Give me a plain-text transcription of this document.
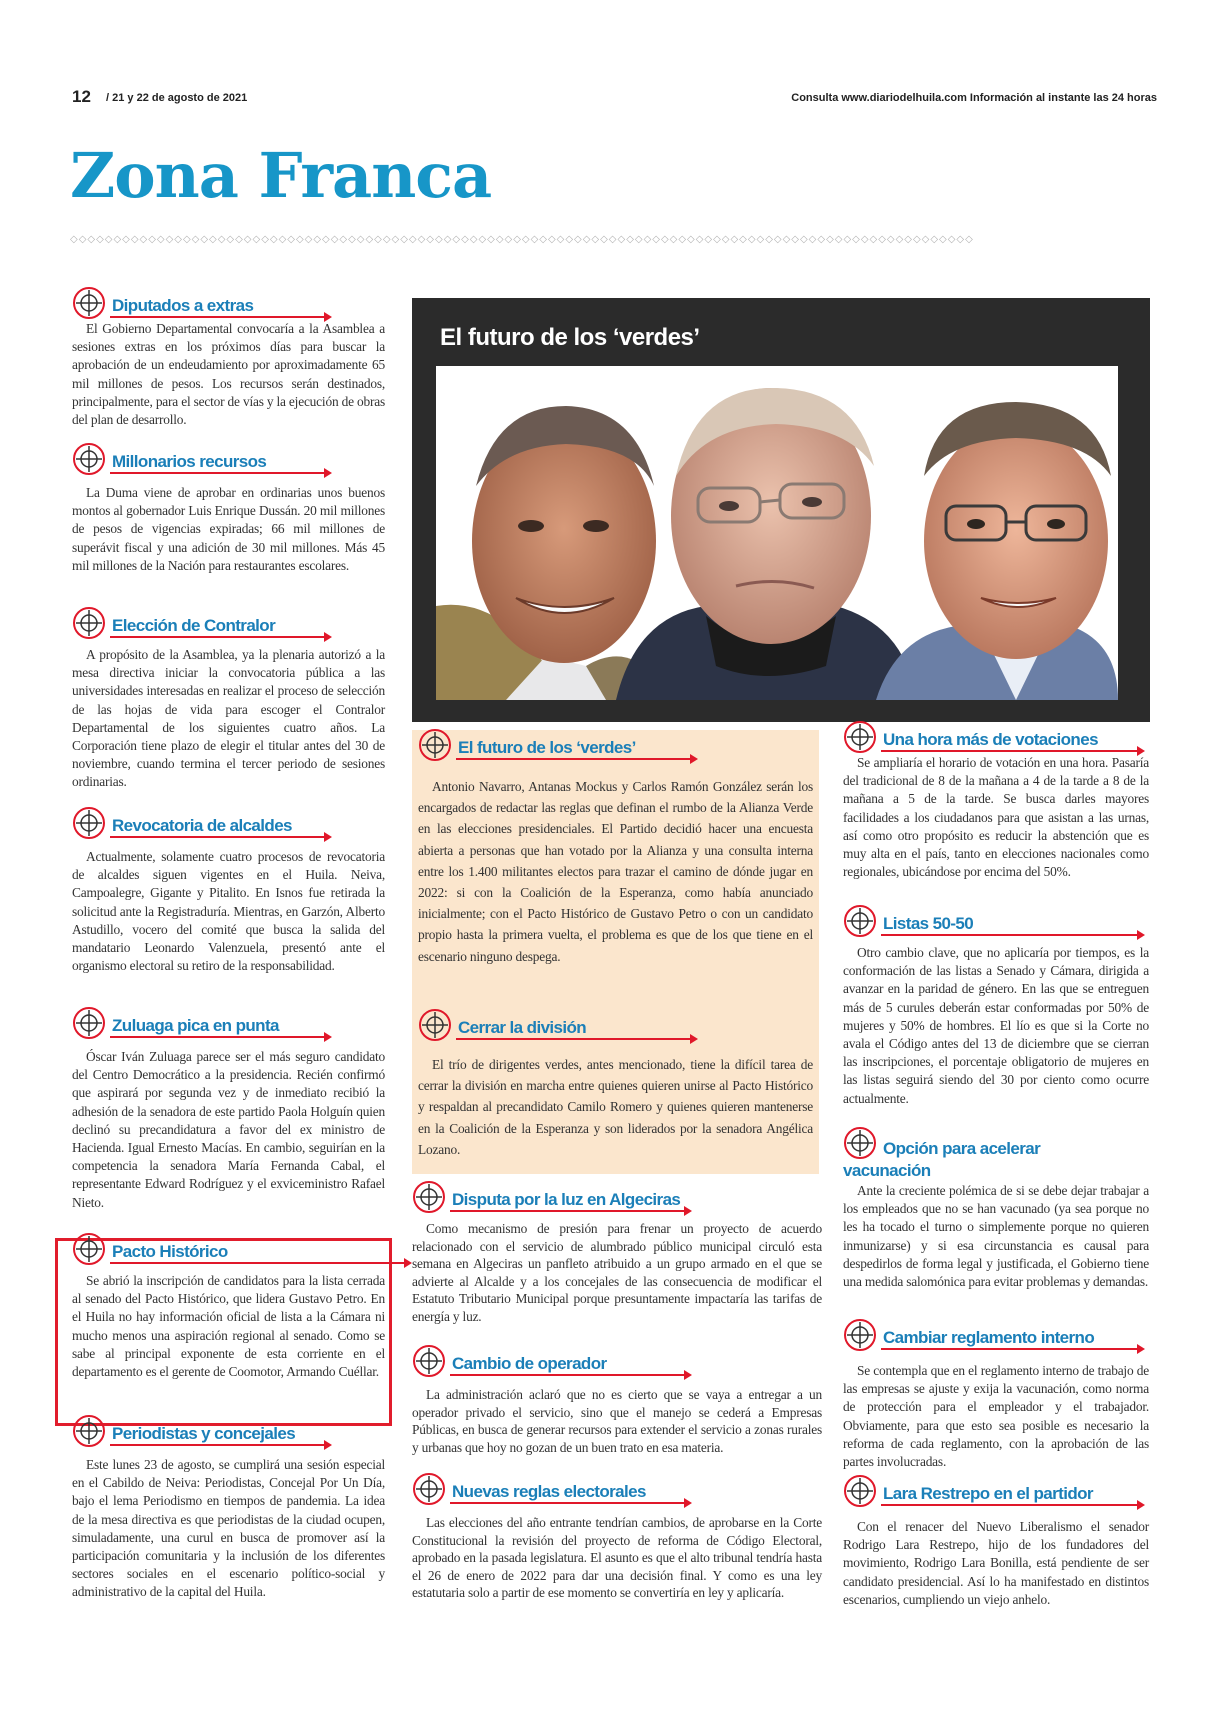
12 / 21 y 22 de agosto de 2021	Consulta www.diariodelhuila.com Información al instante las 24 horas
Zona Franca
◇◇◇◇◇◇◇◇◇◇◇◇◇◇◇◇◇◇◇◇◇◇◇◇◇◇◇◇◇◇◇◇◇◇◇◇◇◇◇◇◇◇◇◇◇◇◇◇◇◇◇◇◇◇◇◇◇◇◇◇◇◇◇◇◇◇◇◇◇◇◇◇◇◇◇◇◇◇◇◇◇◇◇◇◇◇◇◇◇◇◇◇◇◇◇◇◇◇◇◇◇◇◇◇
Diputados a extras

El Gobierno Departamental convocaría a la Asamblea a sesiones extras en los próximos días para buscar la aprobación de un endeudamiento por aproximadamente 65 mil millones de pesos. Los recursos serán destinados, principalmente, para el sector de vías y la ejecución de obras del plan de desarrollo.

Millonarios recursos

La Duma viene de aprobar en ordinarias unos buenos montos al gobernador Luis Enrique Dussán. 20 mil millones de pesos de vigencias expiradas; 66 mil millones de superávit fiscal y una adición de 30 mil millones. Más 45 mil millones de la Nación para restaurantes escolares.

Elección de Contralor

A propósito de la Asamblea, ya la plenaria autorizó a la mesa directiva iniciar la convocatoria pública a las universidades interesadas en realizar el proceso de selección de las hojas de vida para escoger el Contralor Departamental de los siguientes cuatro años. La Corporación tiene plazo de elegir el titular antes del 30 de noviembre, cuando termina el tercer periodo de sesiones ordinarias.

Revocatoria de alcaldes

Actualmente, solamente cuatro procesos de revocatoria de alcaldes siguen vigentes en el Huila. Neiva, Campoalegre, Gigante y Pitalito. En Isnos fue retirada la solicitud ante la Registraduría. Mientras, en Garzón, Alberto Astudillo, vocero del comité que busca la salida del mandatario Leonardo Valenzuela, presentó ante el organismo electoral su retiro de la responsabilidad.

Zuluaga pica en punta

Óscar Iván Zuluaga parece ser el más seguro candidato del Centro Democrático a la presidencia. Recién confirmó que aspirará por segunda vez y de inmediato recibió la adhesión de la senadora de este partido Paola Holguín quien declinó su precandidatura a favor del ex ministro de Hacienda. Igual Ernesto Macías. En cambio, seguirían en la competencia la senadora María Fernanda Cabal, el representante Edward Rodríguez y el exviceministro Rafael Nieto.

Pacto Histórico

Se abrió la inscripción de candidatos para la lista cerrada al senado del Pacto Histórico, que lidera Gustavo Petro. En el Huila no hay información oficial de lista a la Cámara ni mucho menos una aspiración regional al senado. Como se sabe al principal exponente de esta corriente en el departamento es el gerente de Coomotor, Armando Cuéllar.

Periodistas y concejales

Este lunes 23 de agosto, se cumplirá una sesión especial en el Cabildo de Neiva: Periodistas, Concejal Por Un Día, bajo el lema Periodismo en tiempos de pandemia. La idea de la mesa directiva es que periodistas de la ciudad ocupen, simuladamente, una curul en busca de promover así la participación comunitaria y la inclusión de los diferentes sectores sociales en el escenario político-social y administrativo de la capital del Huila.

El futuro de los ‘verdes’
El futuro de los ‘verdes’

Antonio Navarro, Antanas Mockus y Carlos Ramón González serán los encargados de redactar las reglas que definan el rumbo de la Alianza Verde en las elecciones presidenciales. El Partido decidió hacer una encuesta abierta a personas que han votado por la Alianza y una consulta interna entre los 1.400 militantes electos para trazar el camino de dónde jugar en 2022: si con la Coalición de la Esperanza, como había anunciado inicialmente; con el Pacto Histórico de Gustavo Petro o con un candidato propio hasta la primera vuelta, el problema es que de los que tiene en el escenario ninguno despega.

Cerrar la división

El trío de dirigentes verdes, antes mencionado, tiene la difícil tarea de cerrar la división en marcha entre quienes quieren unirse al Pacto Histórico y respaldan al precandidato Camilo Romero y quienes quieren mantenerse en la Coalición de la Esperanza y son liderados por la senadora Angélica Lozano.

Disputa por la luz en Algeciras

Como mecanismo de presión para frenar un proyecto de acuerdo relacionado con el servicio de alumbrado público municipal circuló esta semana en Algeciras un panfleto atribuido a un grupo armado en el que se advierte al Alcalde y a los concejales de las consecuencia de modificar el Estatuto Tributario Municipal porque presuntamente impactaría las tarifas de energía y luz.

Cambio de operador

La administración aclaró que no es cierto que se vaya a entregar a un operador privado el servicio, sino que el manejo se cederá a Empresas Públicas, en busca de generar recursos para extender el servicio a zonas rurales y urbanas que hoy no gozan de un buen trato en esa materia.

Nuevas reglas electorales

Las elecciones del año entrante tendrían cambios, de aprobarse en la Corte Constitucional la revisión del proyecto de reforma de Código Electoral, aprobado en la pasada legislatura. El asunto es que el alto tribunal tendría hasta el 26 de enero de 2022 para dar una decisión final. Y como es una ley estatutaria solo a partir de ese momento se convertiría en ley y aplicaría.

Una hora más de votaciones

Se ampliaría el horario de votación en una hora. Pasaría del tradicional de 8 de la mañana a 4 de la tarde a 8 de la mañana a 5 de la tarde. Se busca darles mayores facilidades a los ciudadanos para que asistan a las urnas, así como otro propósito es reducir la abstención que es muy alta en el país, tanto en elecciones nacionales como regionales, ubicándose por encima del 50%.

Listas 50-50

Otro cambio clave, que no aplicaría por tiempos, es la conformación de las listas a Senado y Cámara, dirigida a avanzar en la paridad de género. En las que se entreguen más de 5 curules deberán estar conformadas por 50% de mujeres y 50% de hombres. El lío es que si la Corte no avala el Código antes del 13 de diciembre que se cierran las inscripciones, el porcentaje obligatorio de mujeres en las listas seguirá siendo del 30 por ciento como ocurre actualmente.

Opción para acelerar vacunación

Ante la creciente polémica de si se debe dejar trabajar a los empleados que no se han vacunado (ya sea porque no les ha tocado el turno o simplemente porque no quieren inmunizarse) y si esa circunstancia es causal para despedirlos de forma legal y justificada, el Gobierno tiene una medida salomónica para evitar problemas y demandas.

Cambiar reglamento interno

Se contempla que en el reglamento interno de trabajo de las empresas se ajuste y exija la vacunación, como norma de protección para el empleador y el trabajador. Obviamente, para que esto sea posible es necesario la reforma de cada reglamento, con la aprobación de las partes involucradas.

Lara Restrepo en el partidor

Con el renacer del Nuevo Liberalismo el senador Rodrigo Lara Restrepo, hijo de los fundadores del movimiento, Rodrigo Lara Bonilla, está pendiente de ser candidato presidencial. Así lo ha manifestado en distintos escenarios, cumpliendo un viejo anhelo.
